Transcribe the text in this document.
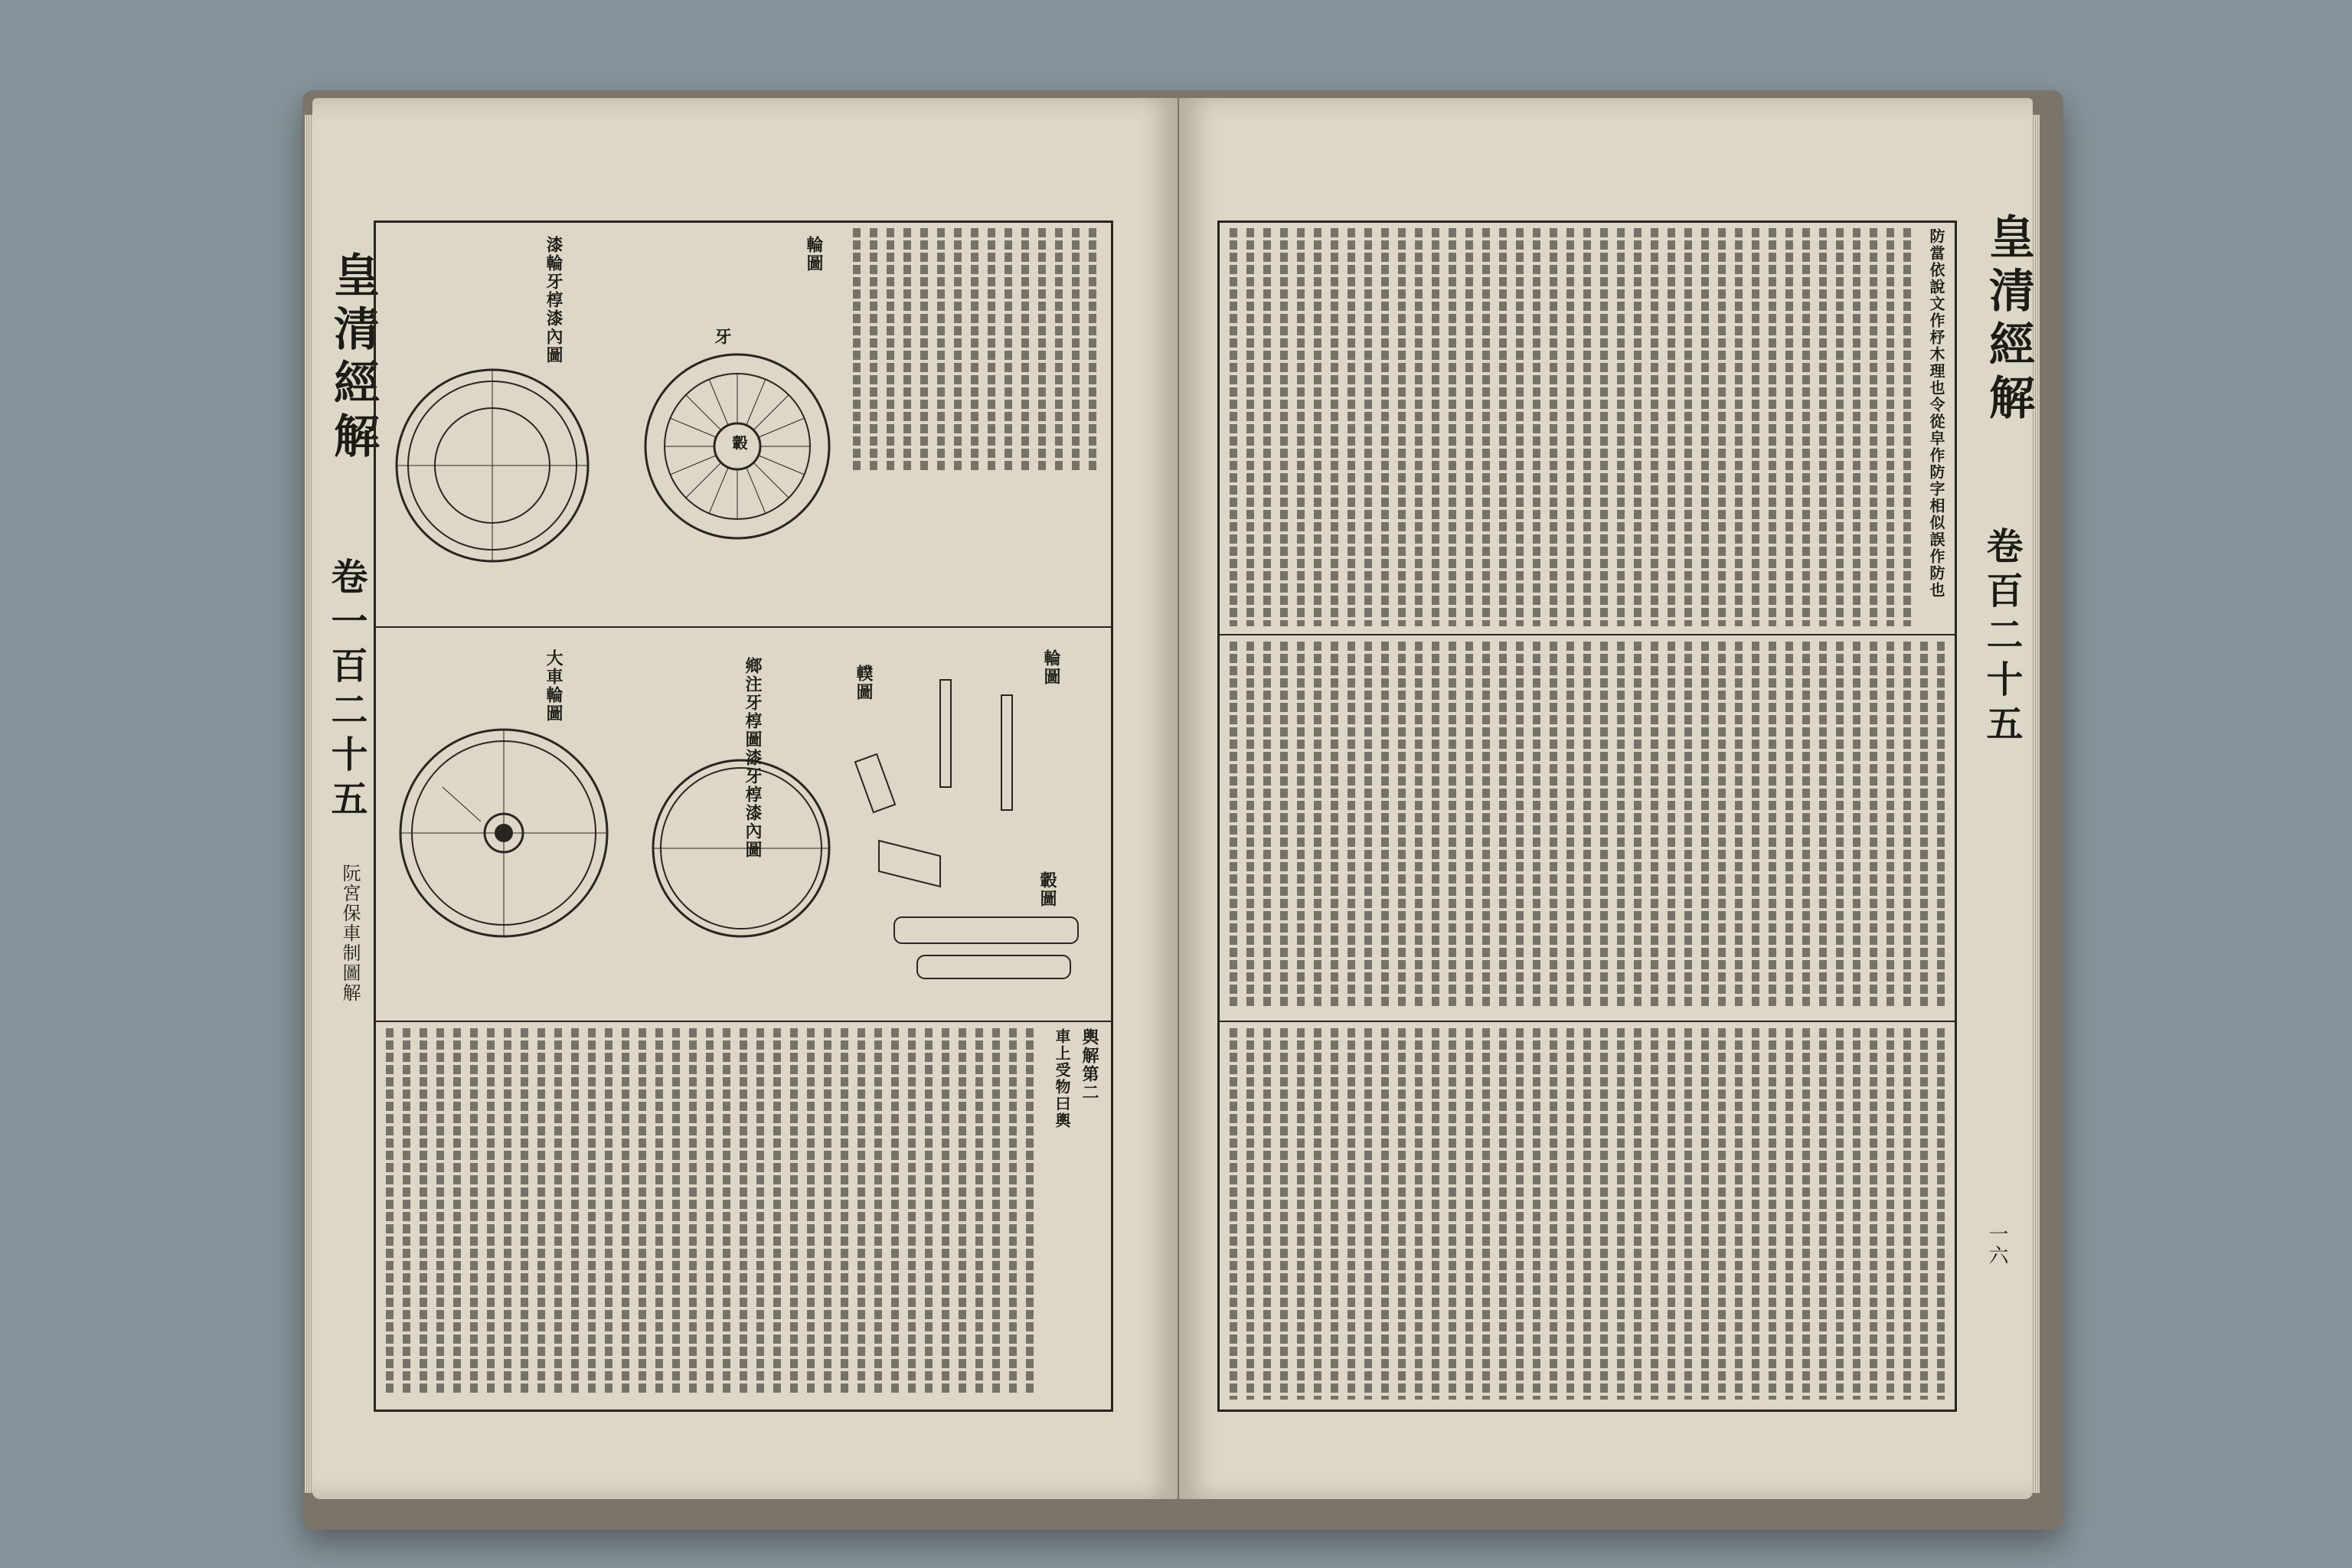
皇清經解
卷一百二十五
阮宮保車制圖解
漆輪牙椁漆內圖	牙
轂
輪圖
大車輪圖	鄉注牙椁圖漆牙椁漆內圖	轐圖	輪圖
轂圖
輿解第二
車上受物曰輿
皇清經解
卷百二十五
一六
防當依說文作杼木理也令從皁作防字相似誤作防也
